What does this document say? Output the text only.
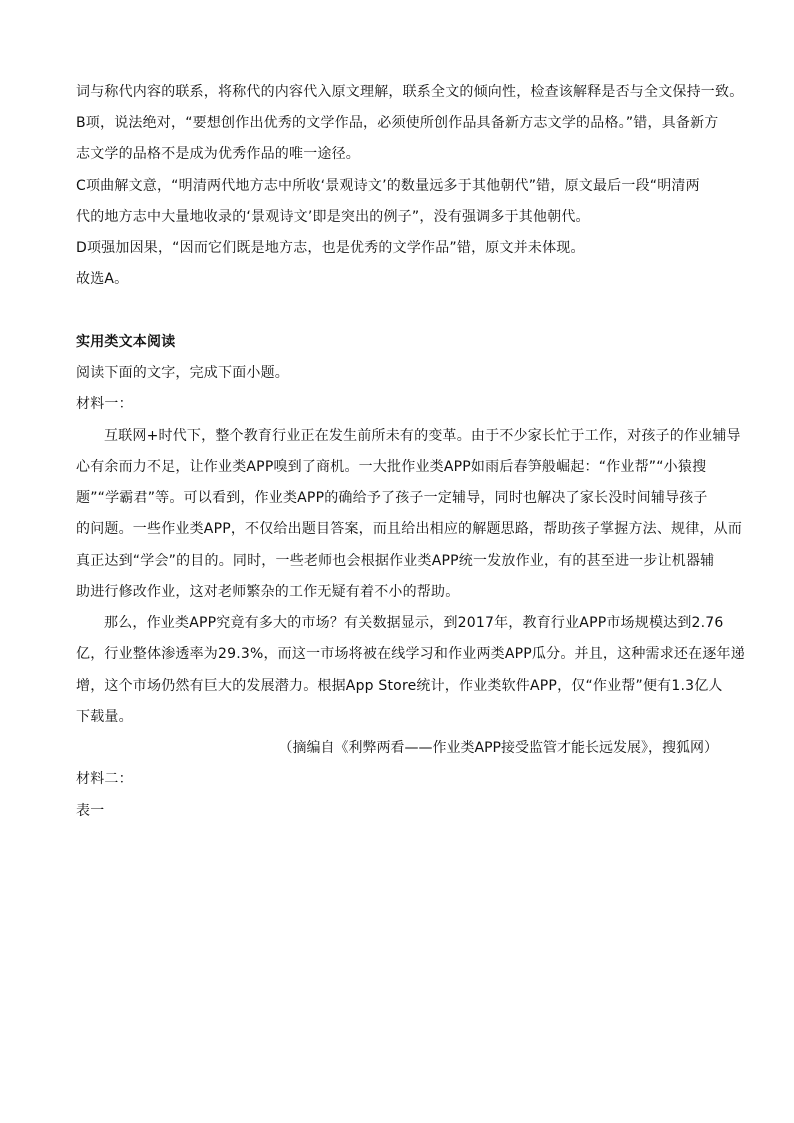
词与称代内容的联系，将称代的内容代入原文理解，联系全文的倾向性，检查该解释是否与全文保持一致。
B项，说法绝对，“要想创作出优秀的文学作品，必须使所创作品具备新方志文学的品格。”错，具备新方
志文学的品格不是成为优秀作品的唯一途径。
C项曲解文意，“明清两代地方志中所收‘景观诗文’的数量远多于其他朝代”错，原文最后一段“明清两
代的地方志中大量地收录的‘景观诗文’即是突出的例子”，没有强调多于其他朝代。
D项强加因果，“因而它们既是地方志，也是优秀的文学作品”错，原文并未体现。
故选A。
实用类文本阅读
阅读下面的文字，完成下面小题。
材料一：
互联网+时代下，整个教育行业正在发生前所未有的变革。由于不少家长忙于工作，对孩子的作业辅导
心有余而力不足，让作业类APP嗅到了商机。一大批作业类APP如雨后春笋般崛起：“作业帮”“小猿搜
题”“学霸君”等。可以看到，作业类APP的确给予了孩子一定辅导，同时也解决了家长没时间辅导孩子
的问题。一些作业类APP，不仅给出题目答案，而且给出相应的解题思路，帮助孩子掌握方法、规律，从而
真正达到“学会”的目的。同时，一些老师也会根据作业类APP统一发放作业，有的甚至进一步让机器辅
助进行修改作业，这对老师繁杂的工作无疑有着不小的帮助。
那么，作业类APP究竟有多大的市场？有关数据显示，到2017年，教育行业APP市场规模达到2.76
亿，行业整体渗透率为29.3%，而这一市场将被在线学习和作业两类APP瓜分。并且，这种需求还在逐年递
增，这个市场仍然有巨大的发展潜力。根据App Store统计，作业类软件APP，仅“作业帮”便有1.3亿人
下载量。
（摘编自《利弊两看——作业类APP接受监管才能长远发展》，搜狐网）
材料二：
表一
